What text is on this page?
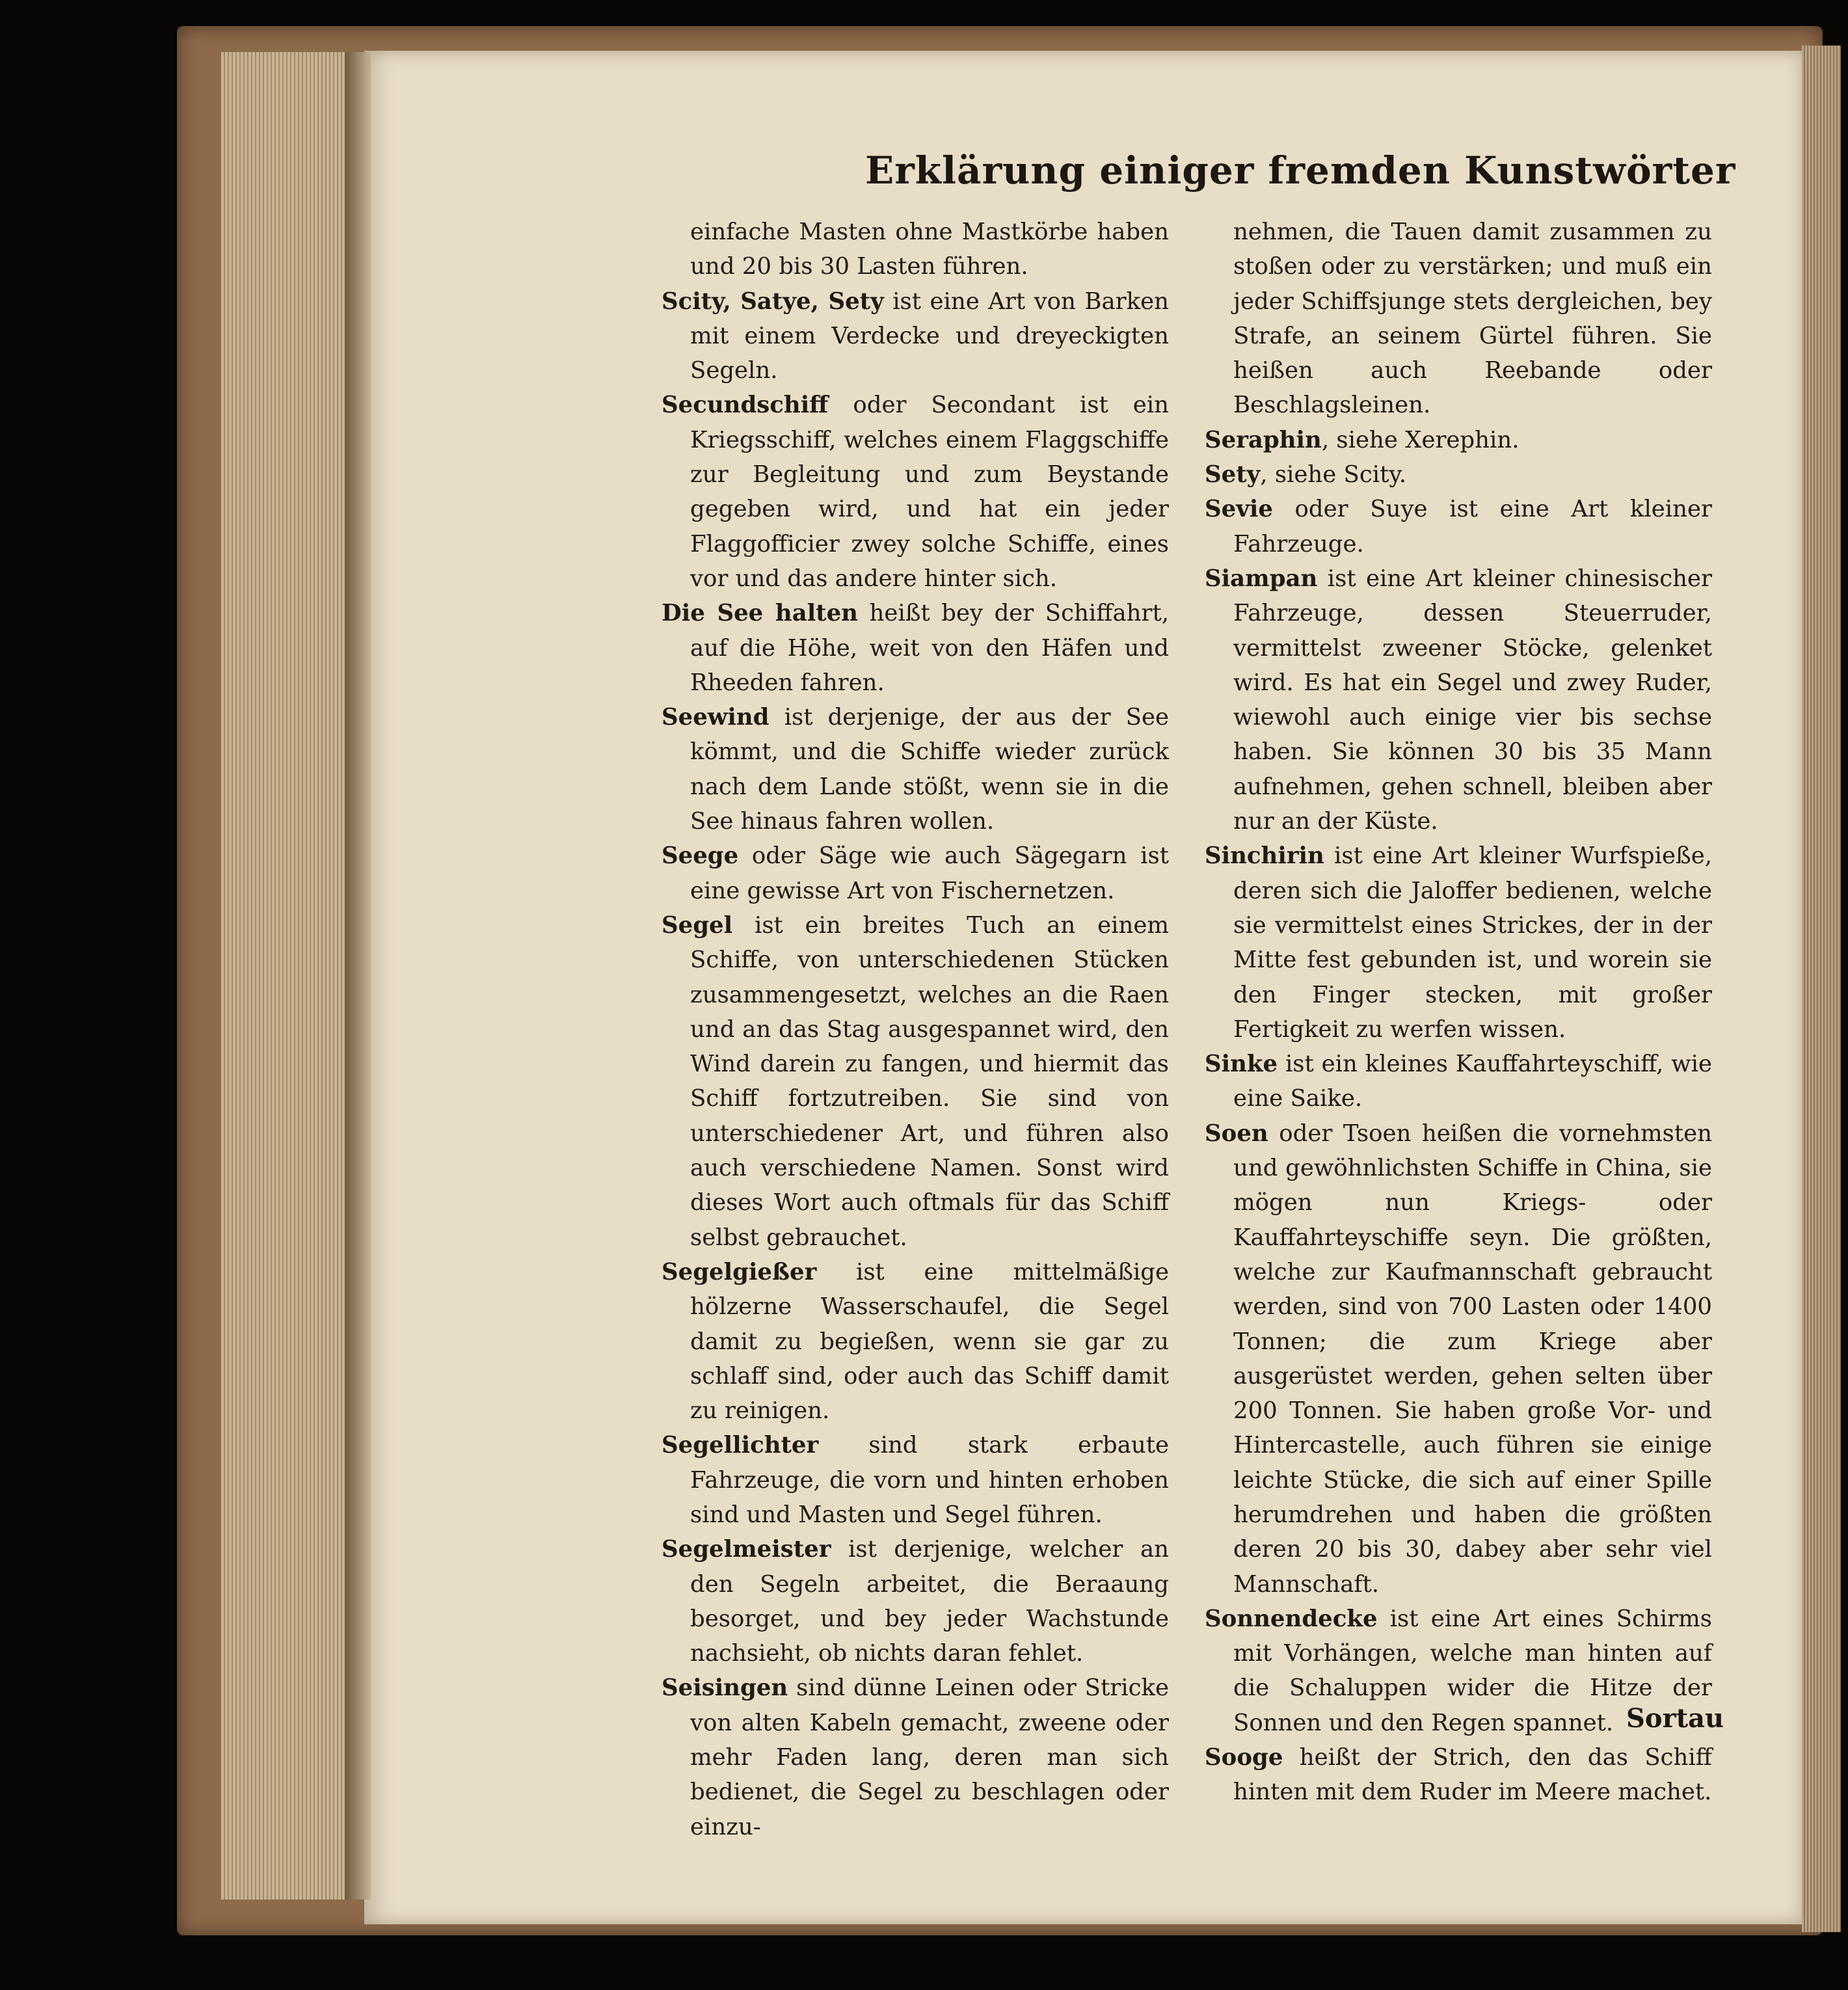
Erklärung einiger fremden Kunstwörter

einfache Masten ohne Mastkörbe haben und 20 bis 30 Lasten führen.

Scity, Satye, Sety ist eine Art von Barken mit einem Verdecke und dreyeckigten Segeln.

Secundschiff oder Secondant ist ein Kriegsschiff, welches einem Flaggschiffe zur Begleitung und zum Beystande gegeben wird, und hat ein jeder Flaggofficier zwey solche Schiffe, eines vor und das andere hinter sich.

Die See halten heißt bey der Schiffahrt, auf die Höhe, weit von den Häfen und Rheeden fahren.

Seewind ist derjenige, der aus der See kömmt, und die Schiffe wieder zurück nach dem Lande stößt, wenn sie in die See hinaus fahren wollen.

Seege oder Säge wie auch Sägegarn ist eine gewisse Art von Fischernetzen.

Segel ist ein breites Tuch an einem Schiffe, von unterschiedenen Stücken zusammengesetzt, welches an die Raen und an das Stag ausgespannet wird, den Wind darein zu fangen, und hiermit das Schiff fortzutreiben. Sie sind von unterschiedener Art, und führen also auch verschiedene Namen. Sonst wird dieses Wort auch oftmals für das Schiff selbst gebrauchet.

Segelgießer ist eine mittelmäßige hölzerne Wasserschaufel, die Segel damit zu begießen, wenn sie gar zu schlaff sind, oder auch das Schiff damit zu reinigen.

Segellichter sind stark erbaute Fahrzeuge, die vorn und hinten erhoben sind und Masten und Segel führen.

Segelmeister ist derjenige, welcher an den Segeln arbeitet, die Beraaung besorget, und bey jeder Wachstunde nachsieht, ob nichts daran fehlet.

Seisingen sind dünne Leinen oder Stricke von alten Kabeln gemacht, zweene oder mehr Faden lang, deren man sich bedienet, die Segel zu beschlagen oder einzu-

nehmen, die Tauen damit zusammen zu stoßen oder zu verstärken; und muß ein jeder Schiffsjunge stets dergleichen, bey Strafe, an seinem Gürtel führen. Sie heißen auch Reebande oder Beschlagsleinen.

Seraphin, siehe Xerephin.

Sety, siehe Scity.

Sevie oder Suye ist eine Art kleiner Fahrzeuge.

Siampan ist eine Art kleiner chinesischer Fahrzeuge, dessen Steuerruder, vermittelst zweener Stöcke, gelenket wird. Es hat ein Segel und zwey Ruder, wiewohl auch einige vier bis sechse haben. Sie können 30 bis 35 Mann aufnehmen, gehen schnell, bleiben aber nur an der Küste.

Sinchirin ist eine Art kleiner Wurfspieße, deren sich die Jaloffer bedienen, welche sie vermittelst eines Strickes, der in der Mitte fest gebunden ist, und worein sie den Finger stecken, mit großer Fertigkeit zu werfen wissen.

Sinke ist ein kleines Kauffahrteyschiff, wie eine Saike.

Soen oder Tsoen heißen die vornehmsten und gewöhnlichsten Schiffe in China, sie mögen nun Kriegs- oder Kauffahrteyschiffe seyn. Die größten, welche zur Kaufmannschaft gebraucht werden, sind von 700 Lasten oder 1400 Tonnen; die zum Kriege aber ausgerüstet werden, gehen selten über 200 Tonnen. Sie haben große Vor- und Hintercastelle, auch führen sie einige leichte Stücke, die sich auf einer Spille herumdrehen und haben die größten deren 20 bis 30, dabey aber sehr viel Mannschaft.

Sonnendecke ist eine Art eines Schirms mit Vorhängen, welche man hinten auf die Schaluppen wider die Hitze der Sonnen und den Regen spannet.

Sooge heißt der Strich, den das Schiff hinten mit dem Ruder im Meere machet.

Sortau
